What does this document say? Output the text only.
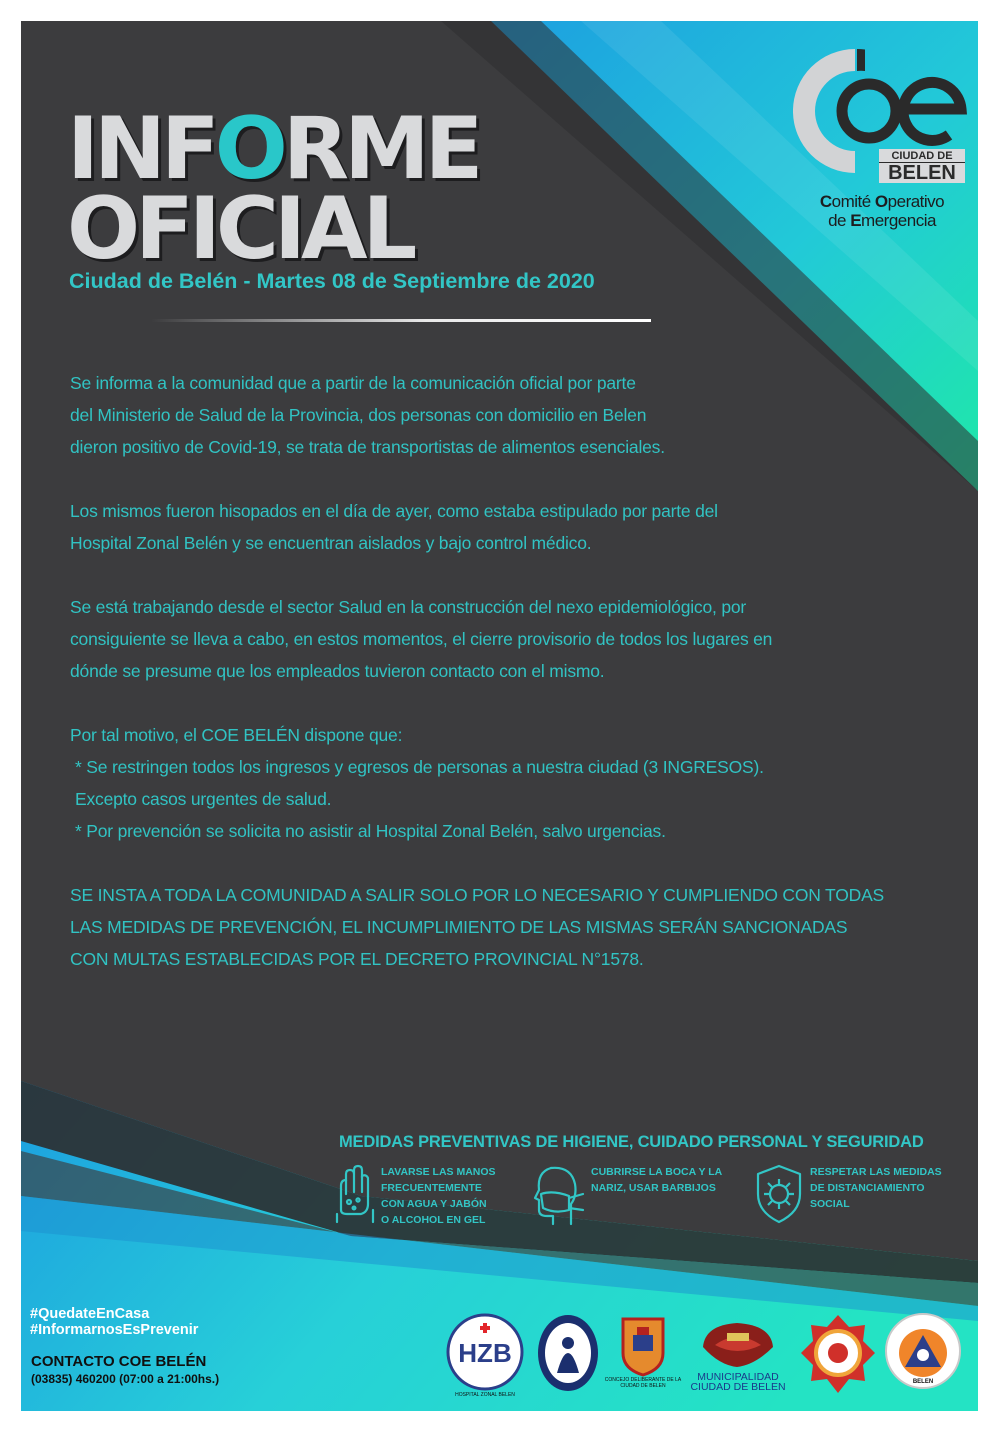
INFORME
OFICIAL
Ciudad de Belén - Martes 08 de Septiembre de 2020
CIUDAD DE
BELEN
Comité Operativo
de Emergencia

Se informa a la comunidad que a partir de la comunicación oficial por parte
del Ministerio de Salud de la Provincia, dos personas con domicilio en Belen
dieron positivo de Covid-19, se trata de transportistas de alimentos esenciales.

Los mismos fueron hisopados en el día de ayer, como estaba estipulado por parte del
Hospital Zonal Belén y se encuentran aislados y bajo control médico.

Se está trabajando desde el sector Salud en la construcción del nexo epidemiológico, por
consiguiente se lleva a cabo, en estos momentos, el cierre provisorio de todos los lugares en
dónde se presume que los empleados tuvieron contacto con el mismo.

Por tal motivo, el COE BELÉN dispone que:
* Se restringen todos los ingresos y egresos de personas a nuestra ciudad (3 INGRESOS).
Excepto casos urgentes de salud.
* Por prevención se solicita no asistir al Hospital Zonal Belén, salvo urgencias.

SE INSTA A TODA LA COMUNIDAD A SALIR SOLO POR LO NECESARIO Y CUMPLIENDO CON TODAS
LAS MEDIDAS DE PREVENCIÓN, EL INCUMPLIMIENTO DE LAS MISMAS SERÁN SANCIONADAS
CON MULTAS ESTABLECIDAS POR EL DECRETO PROVINCIAL N°1578.

MEDIDAS PREVENTIVAS DE HIGIENE, CUIDADO PERSONAL Y SEGURIDAD
LAVARSE LAS MANOS
FRECUENTEMENTE
CON AGUA Y JABÓN
O ALCOHOL EN GEL
CUBRIRSE LA BOCA Y LA
NARIZ, USAR BARBIJOS
RESPETAR LAS MEDIDAS
DE DISTANCIAMIENTO
SOCIAL
#QuedateEnCasa
#InformarnosEsPrevenir
CONTACTO COE BELÉN
(03835) 460200 (07:00 a 21:00hs.)
HZB
HOSPITAL ZONAL BELEN
CONCEJO DELIBERANTE DE LA CIUDAD DE BELEN
MUNICIPALIDAD
CIUDAD DE BELEN	BELEN
